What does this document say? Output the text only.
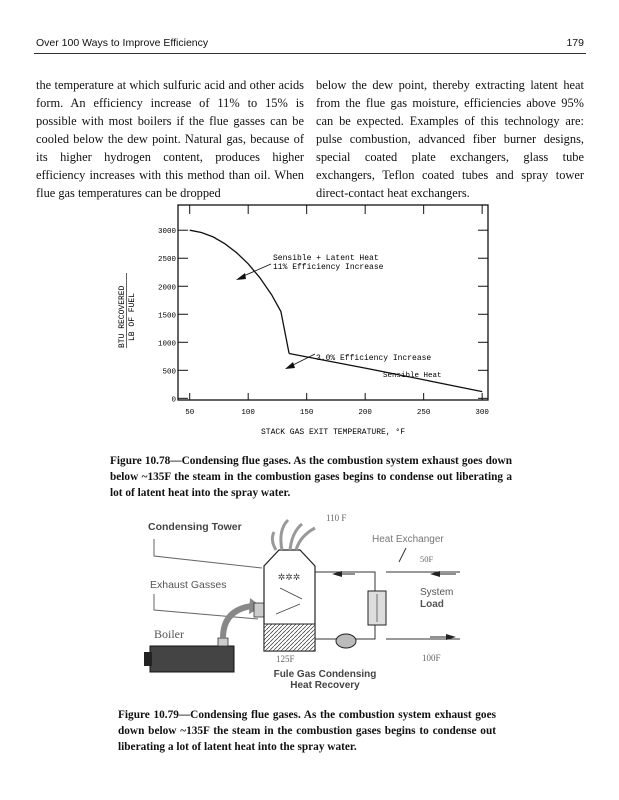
Over 100 Ways to Improve Efficiency	179
the temperature at which sulfuric acid and other acids form. An efficiency increase of 11% to 15% is possible with most boilers if the flue gasses can be cooled below the dew point. Natural gas, because of its higher hydrogen content, produces higher efficiency increases with this method than oil. When flue gas temperatures can be dropped
below the dew point, thereby extracting latent heat from the flue gas moisture, efficiencies above 95% can be expected. Examples of this technology are: pulse combustion, advanced fiber burner designs, special coated plate exchangers, glass tube exchangers, Teflon coated tubes and spray tower direct-contact heat exchangers.
BTU RECOVERED LB OF FUEL
50	100	150	200	250	300
0
500
1000
1500
2000
2500
3000
Sensible + Latent Heat
11% Efficiency Increase
3.0% Efficiency Increase
Sensible Heat
STACK GAS EXIT TEMPERATURE, °F
Figure 10.78—Condensing flue gases. As the combustion system exhaust goes down below ~135F the steam in the combustion gases begins to condense out liberating a lot of latent heat into the spray water.
Condensing Tower
Exhaust Gasses
Boiler
✲✲✲
110 F
Heat Exchanger
50F
System
Load
125F	100F
Fule Gas Condensing
Heat Recovery
Figure 10.79—Condensing flue gases. As the combustion system exhaust goes down below ~135F the steam in the combustion gases begins to condense out liberating a lot of latent heat into the spray water.
